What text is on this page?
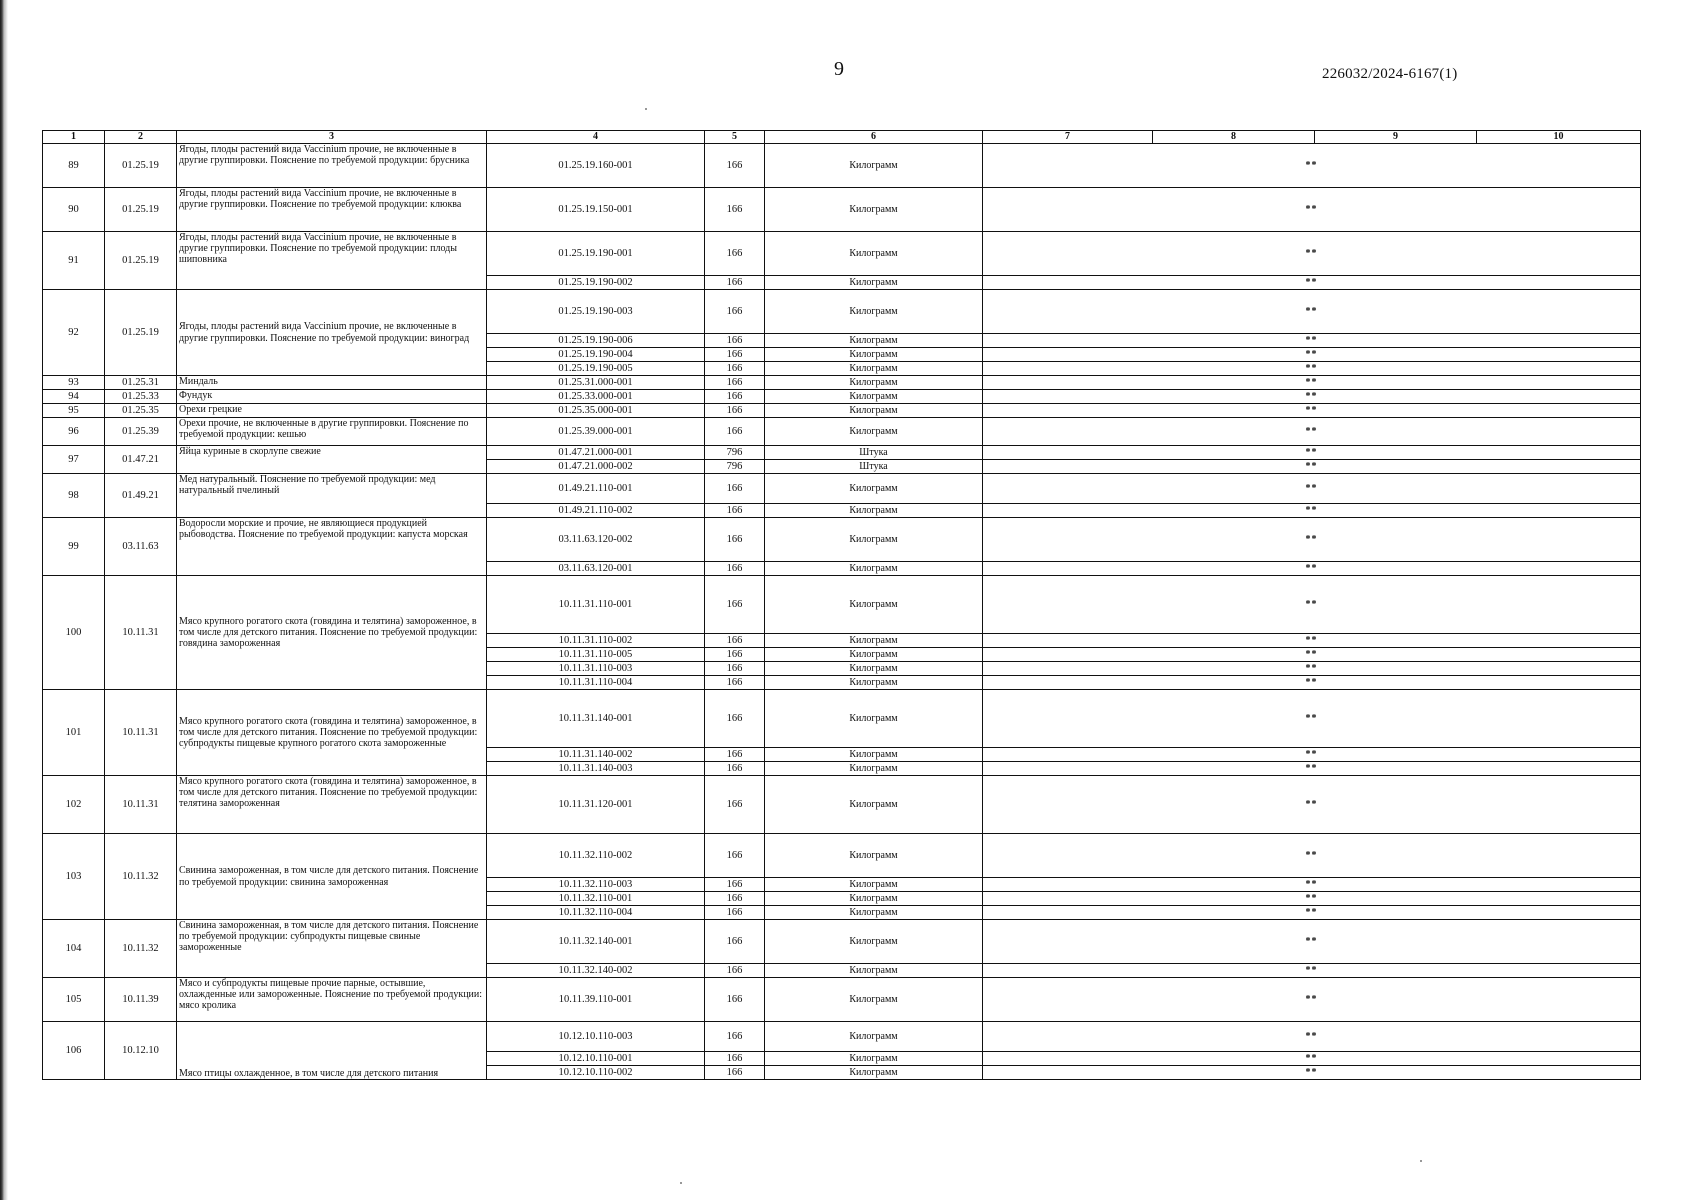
9	226032/2024-6167(1)
1	2	3	4	5	6	7	8	9	10
89	01.25.19	Ягоды, плоды растений вида Vaccinium прочие, не включенные в другие группировки. Пояснение по требуемой продукции: брусника	01.25.19.160-001	166	Килограмм	**			
90	01.25.19	Ягоды, плоды растений вида Vaccinium прочие, не включенные в другие группировки. Пояснение по требуемой продукции: клюква	01.25.19.150-001	166	Килограмм	**			
91	01.25.19	Ягоды, плоды растений вида Vaccinium прочие, не включенные в другие группировки. Пояснение по требуемой продукции: плоды шиповника	01.25.19.190-001	166	Килограмм	**			
			01.25.19.190-002	166	Килограмм	**			
92	01.25.19	Ягоды, плоды растений вида Vaccinium прочие, не включенные в другие группировки. Пояснение по требуемой продукции: виноград	01.25.19.190-003	166	Килограмм	**			
			01.25.19.190-006	166	Килограмм	**			
			01.25.19.190-004	166	Килограмм	**			
			01.25.19.190-005	166	Килограмм	**			
93	01.25.31	Миндаль	01.25.31.000-001	166	Килограмм	**			
94	01.25.33	Фундук	01.25.33.000-001	166	Килограмм	**			
95	01.25.35	Орехи грецкие	01.25.35.000-001	166	Килограмм	**			
96	01.25.39	Орехи прочие, не включенные в другие группировки. Пояснение по требуемой продукции: кешью	01.25.39.000-001	166	Килограмм	**			
97	01.47.21	Яйца куриные в скорлупе свежие	01.47.21.000-001	796	Штука	**			
			01.47.21.000-002	796	Штука	**			
98	01.49.21	Мед натуральный. Пояснение по требуемой продукции: мед натуральный пчелиный	01.49.21.110-001	166	Килограмм	**			
			01.49.21.110-002	166	Килограмм	**			
99	03.11.63	Водоросли морские и прочие, не являющиеся продукцией рыбоводства. Пояснение по требуемой продукции: капуста морская	03.11.63.120-002	166	Килограмм	**			
			03.11.63.120-001	166	Килограмм	**			
100	10.11.31	Мясо крупного рогатого скота (говядина и телятина) замороженное, в том числе для детского питания. Пояснение по требуемой продукции: говядина замороженная	10.11.31.110-001	166	Килограмм	**			
			10.11.31.110-002	166	Килограмм	**			
			10.11.31.110-005	166	Килограмм	**			
			10.11.31.110-003	166	Килограмм	**			
			10.11.31.110-004	166	Килограмм	**			
101	10.11.31	Мясо крупного рогатого скота (говядина и телятина) замороженное, в том числе для детского питания. Пояснение по требуемой продукции: субпродукты пищевые крупного рогатого скота замороженные	10.11.31.140-001	166	Килограмм	**			
			10.11.31.140-002	166	Килограмм	**			
			10.11.31.140-003	166	Килограмм	**			
102	10.11.31	Мясо крупного рогатого скота (говядина и телятина) замороженное, в том числе для детского питания. Пояснение по требуемой продукции: телятина замороженная	10.11.31.120-001	166	Килограмм	**			
103	10.11.32	Свинина замороженная, в том числе для детского питания. Пояснение по требуемой продукции: свинина замороженная	10.11.32.110-002	166	Килограмм	**			
			10.11.32.110-003	166	Килограмм	**			
			10.11.32.110-001	166	Килограмм	**			
			10.11.32.110-004	166	Килограмм	**			
104	10.11.32	Свинина замороженная, в том числе для детского питания. Пояснение по требуемой продукции: субпродукты пищевые свиные замороженные	10.11.32.140-001	166	Килограмм	**			
			10.11.32.140-002	166	Килограмм	**			
105	10.11.39	Мясо и субпродукты пищевые прочие парные, остывшие, охлажденные или замороженные. Пояснение по требуемой продукции: мясо кролика	10.11.39.110-001	166	Килограмм	**			
106	10.12.10	Мясо птицы охлажденное, в том числе для детского питания	10.12.10.110-003	166	Килограмм	**			
			10.12.10.110-001	166	Килограмм	**			
			10.12.10.110-002	166	Килограмм	**			
